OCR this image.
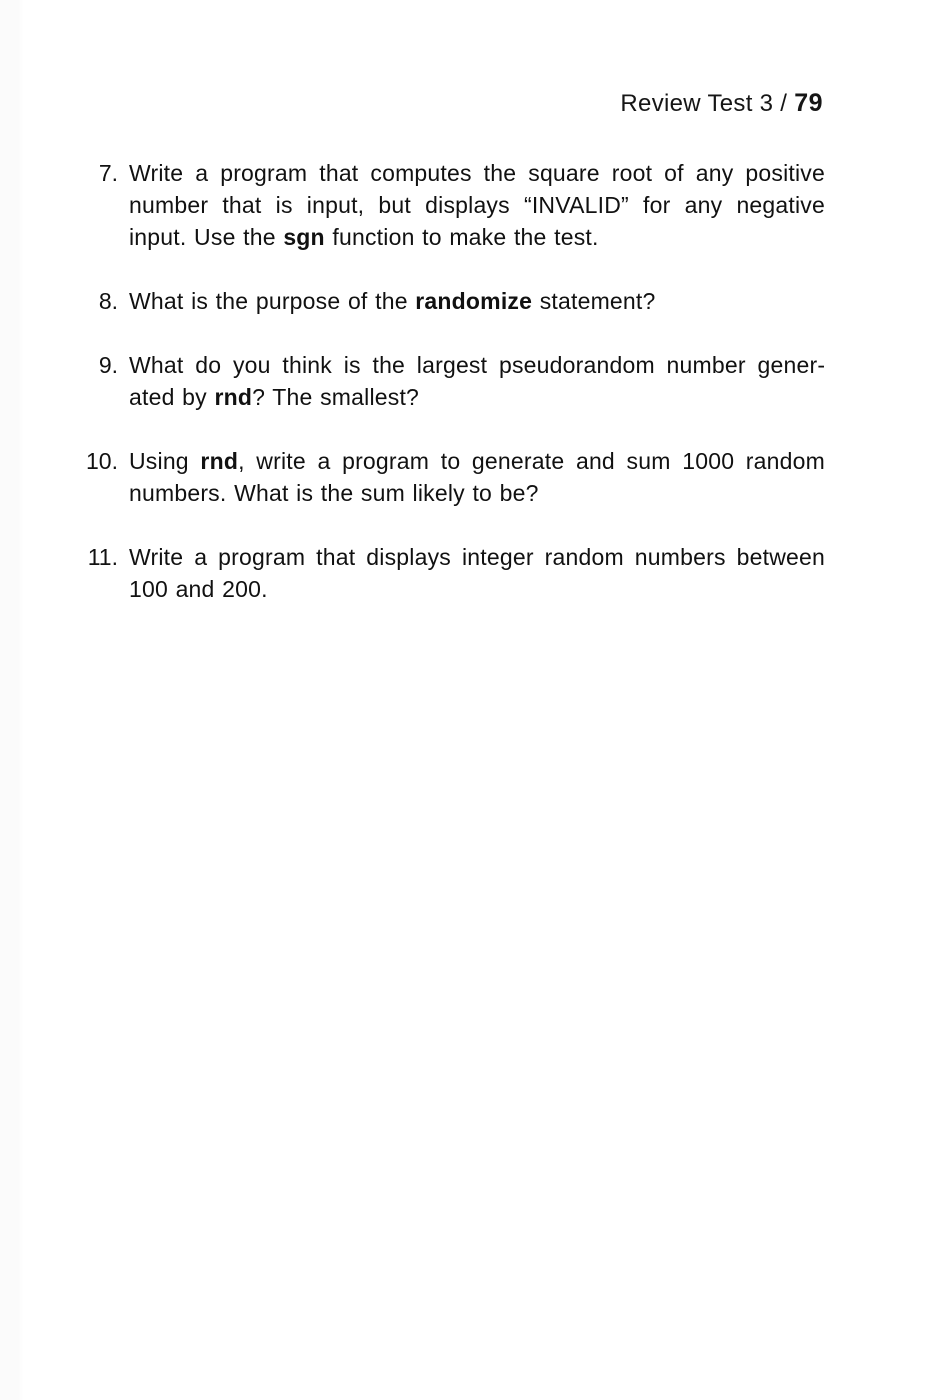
Review Test 3 / 79
7. Write a program that computes the square root of any positive number that is input, but displays “INVALID” for any negative input. Use the sgn function to make the test.

8. What is the purpose of the randomize statement?

9. What do you think is the largest pseudorandom number generated by rnd? The smallest?

10. Using rnd, write a program to generate and sum 1000 random numbers. What is the sum likely to be?

11. Write a program that displays integer random numbers between 100 and 200.
